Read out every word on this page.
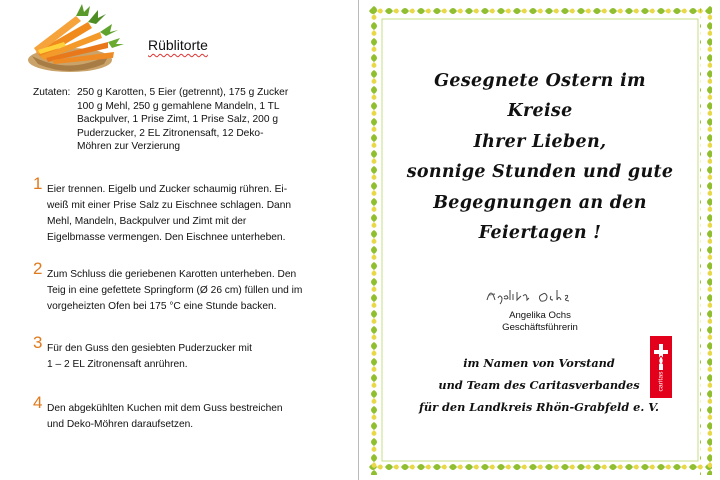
Rüblitorte
Zutaten: 250 g Karotten, 5 Eier (getrennt), 175 g Zucker
100 g Mehl, 250 g gemahlene Mandeln, 1 TL
Backpulver, 1 Prise Zimt, 1 Prise Salz, 200 g
Puderzucker, 2 EL Zitronensaft, 12 Deko-
Möhren zur Verzierung
1 Eier trennen. Eigelb und Zucker schaumig rühren. Ei-
weiß mit einer Prise Salz zu Eischnee schlagen. Dann
Mehl, Mandeln, Backpulver und Zimt mit der
Eigelbmasse vermengen. Den Eischnee unterheben.
2 Zum Schluss die geriebenen Karotten unterheben. Den
Teig in eine gefettete Springform (Ø 26 cm) füllen und im
vorgeheizten Ofen bei 175 °C eine Stunde backen.
3 Für den Guss den gesiebten Puderzucker mit
1 – 2 EL Zitronensaft anrühren.
4 Den abgekühlten Kuchen mit dem Guss bestreichen
und Deko-Möhren daraufsetzen.
Gesegnete Ostern im Kreise
Ihrer Lieben,
sonnige Stunden und gute
Begegnungen an den
Feiertagen !
Angelika Ochs
Geschäftsführerin
im Namen von Vorstand
und Team des Caritasverbandes
für den Landkreis Rhön-Grabfeld e. V.
caritas
